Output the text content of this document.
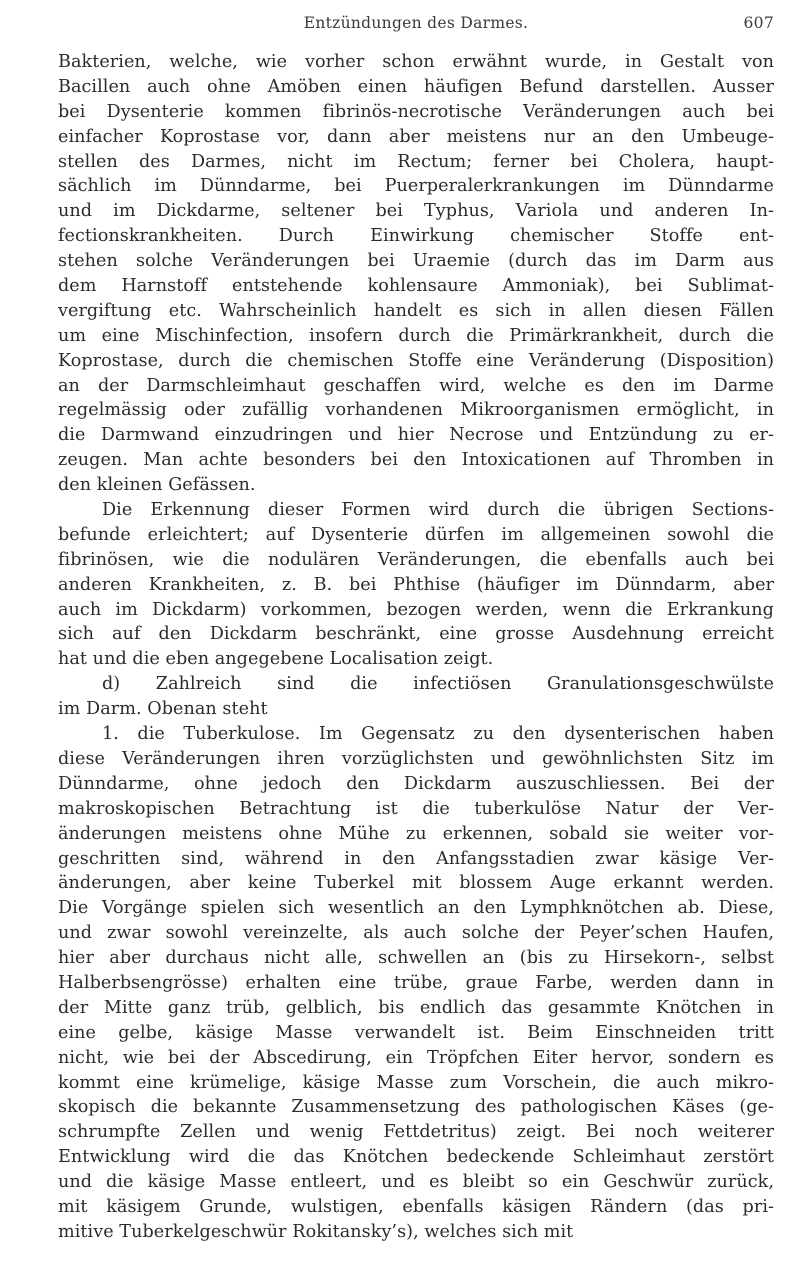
Entzündungen des Darmes.	607
Bakterien, welche, wie vorher schon erwähnt wurde, in Gestalt von
Bacillen auch ohne Amöben einen häufigen Befund darstellen. Ausser
bei Dysenterie kommen fibrinös-necrotische Veränderungen auch bei
einfacher Koprostase vor, dann aber meistens nur an den Umbeuge-
stellen des Darmes, nicht im Rectum; ferner bei Cholera, haupt-
sächlich im Dünndarme, bei Puerperalerkrankungen im Dünndarme
und im Dickdarme, seltener bei Typhus, Variola und anderen In-
fectionskrankheiten. Durch Einwirkung chemischer Stoffe ent-
stehen solche Veränderungen bei Uraemie (durch das im Darm aus
dem Harnstoff entstehende kohlensaure Ammoniak), bei Sublimat-
vergiftung etc. Wahrscheinlich handelt es sich in allen diesen Fällen
um eine Mischinfection, insofern durch die Primärkrankheit, durch die
Koprostase, durch die chemischen Stoffe eine Veränderung (Disposition)
an der Darmschleimhaut geschaffen wird, welche es den im Darme
regelmässig oder zufällig vorhandenen Mikroorganismen ermöglicht, in
die Darmwand einzudringen und hier Necrose und Entzündung zu er-
zeugen. Man achte besonders bei den Intoxicationen auf Thromben in
den kleinen Gefässen.
Die Erkennung dieser Formen wird durch die übrigen Sections-
befunde erleichtert; auf Dysenterie dürfen im allgemeinen sowohl die
fibrinösen, wie die nodulären Veränderungen, die ebenfalls auch bei
anderen Krankheiten, z. B. bei Phthise (häufiger im Dünndarm, aber
auch im Dickdarm) vorkommen, bezogen werden, wenn die Erkrankung
sich auf den Dickdarm beschränkt, eine grosse Ausdehnung erreicht
hat und die eben angegebene Localisation zeigt.
d) Zahlreich sind die infectiösen Granulationsgeschwülste
im Darm. Obenan steht
1. die Tuberkulose. Im Gegensatz zu den dysenterischen haben
diese Veränderungen ihren vorzüglichsten und gewöhnlichsten Sitz im
Dünndarme, ohne jedoch den Dickdarm auszuschliessen. Bei der
makroskopischen Betrachtung ist die tuberkulöse Natur der Ver-
änderungen meistens ohne Mühe zu erkennen, sobald sie weiter vor-
geschritten sind, während in den Anfangsstadien zwar käsige Ver-
änderungen, aber keine Tuberkel mit blossem Auge erkannt werden.
Die Vorgänge spielen sich wesentlich an den Lymphknötchen ab. Diese,
und zwar sowohl vereinzelte, als auch solche der Peyer’schen Haufen,
hier aber durchaus nicht alle, schwellen an (bis zu Hirsekorn-, selbst
Halberbsengrösse) erhalten eine trübe, graue Farbe, werden dann in
der Mitte ganz trüb, gelblich, bis endlich das gesammte Knötchen in
eine gelbe, käsige Masse verwandelt ist. Beim Einschneiden tritt
nicht, wie bei der Abscedirung, ein Tröpfchen Eiter hervor, sondern es
kommt eine krümelige, käsige Masse zum Vorschein, die auch mikro-
skopisch die bekannte Zusammensetzung des pathologischen Käses (ge-
schrumpfte Zellen und wenig Fettdetritus) zeigt. Bei noch weiterer
Entwicklung wird die das Knötchen bedeckende Schleimhaut zerstört
und die käsige Masse entleert, und es bleibt so ein Geschwür zurück,
mit käsigem Grunde, wulstigen, ebenfalls käsigen Rändern (das pri-
mitive Tuberkelgeschwür Rokitansky’s), welches sich mit
